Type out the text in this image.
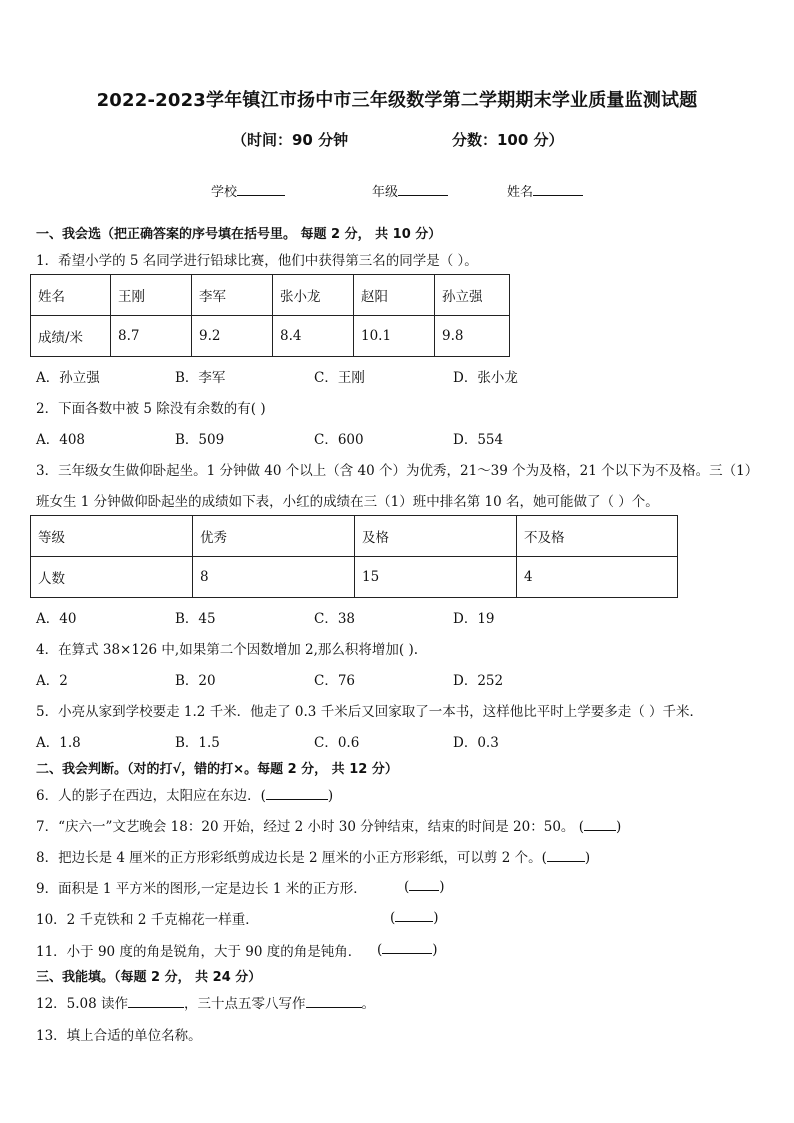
2022-2023学年镇江市扬中市三年级数学第二学期期末学业质量监测试题
（时间：90 分钟	分数：100 分）
学校	年级	姓名
一、我会选（把正确答案的序号填在括号里。 每题 2 分， 共 10 分）
1．希望小学的 5 名同学进行铅球比赛，他们中获得第三名的同学是（ ）。
姓名	王刚	李军	张小龙	赵阳	孙立强
成绩/米	8.7	9.2	8.4	10.1	9.8
A．孙立强	B．李军	C．王刚	D．张小龙
2．下面各数中被 5 除没有余数的有( )
A．408	B．509	C．600	D．554
3．三年级女生做仰卧起坐。1 分钟做 40 个以上（含 40 个）为优秀，21～39 个为及格，21 个以下为不及格。三（1）
班女生 1 分钟做仰卧起坐的成绩如下表，小红的成绩在三（1）班中排名第 10 名，她可能做了（ ）个。
等级	优秀	及格	不及格
人数	8	15	4
A．40	B．45	C．38	D．19
4．在算式 38×126 中,如果第二个因数增加 2,那么积将增加( ).
A．2	B．20	C．76	D．252
5．小亮从家到学校要走 1.2 千米．他走了 0.3 千米后又回家取了一本书，这样他比平时上学要多走（ ）千米．
A．1.8	B．1.5	C．0.6	D．0.3
二、我会判断。（对的打√，错的打×。每题 2 分， 共 12 分）
6．人的影子在西边，太阳应在东边．(	)
7．“庆六一”文艺晚会 18：20 开始，经过 2 小时 30 分钟结束，结束的时间是 20：50。 ( )
8．把边长是 4 厘米的正方形彩纸剪成边长是 2 厘米的小正方形彩纸，可以剪 2 个。(	)
9．面积是 1 平方米的图形,一定是边长 1 米的正方形．	( )
10．2 千克铁和 2 千克棉花一样重．	(	)
11．小于 90 度的角是锐角，大于 90 度的角是钝角． (	)
三、我能填。（每题 2 分， 共 24 分）
12．5.08 读作	，三十点五零八写作	。
13．填上合适的单位名称。
